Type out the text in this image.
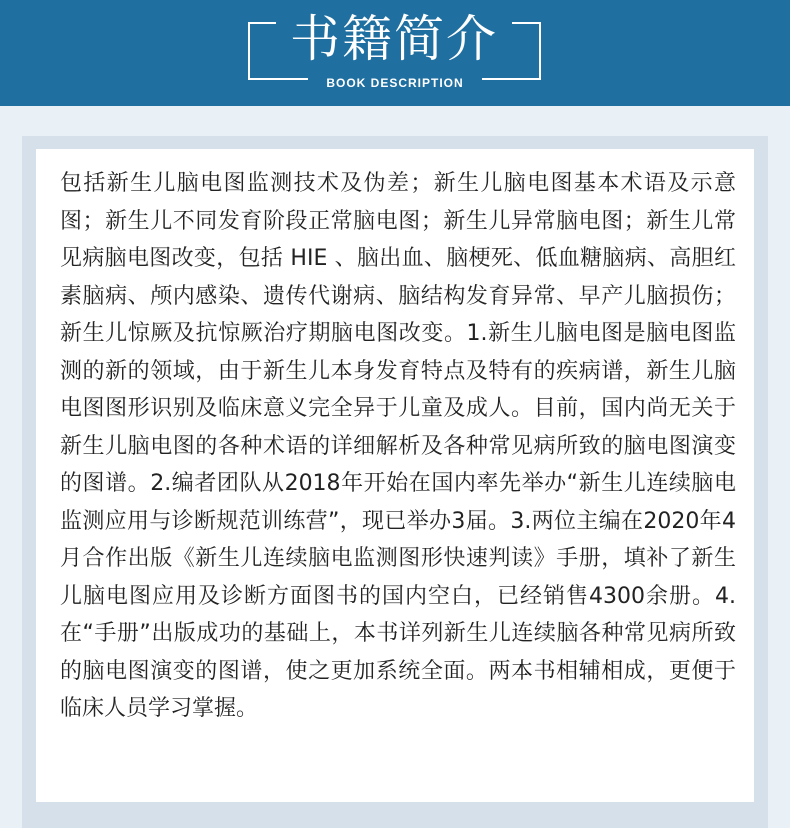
书籍简介
BOOK DESCRIPTION

包括新生儿脑电图监测技术及伪差；新生儿脑电图基本术语及示意图；新生儿不同发育阶段正常脑电图；新生儿异常脑电图；新生儿常见病脑电图改变，包括 HIE 、脑出血、脑梗死、低血糖脑病、高胆红素脑病、颅内感染、遗传代谢病、脑结构发育异常、早产儿脑损伤；新生儿惊厥及抗惊厥治疗期脑电图改变。1.新生儿脑电图是脑电图监测的新的领域，由于新生儿本身发育特点及特有的疾病谱，新生儿脑电图图形识别及临床意义完全异于儿童及成人。目前，国内尚无关于新生儿脑电图的各种术语的详细解析及各种常见病所致的脑电图演变的图谱。2.编者团队从2018年开始在国内率先举办“新生儿连续脑电监测应用与诊断规范训练营”，现已举办3届。3.两位主编在2020年4月合作出版《新生儿连续脑电监测图形快速判读》手册，填补了新生儿脑电图应用及诊断方面图书的国内空白，已经销售4300余册。4.在“手册”出版成功的基础上，本书详列新生儿连续脑各种常见病所致的脑电图演变的图谱，使之更加系统全面。两本书相辅相成，更便于临床人员学习掌握。
